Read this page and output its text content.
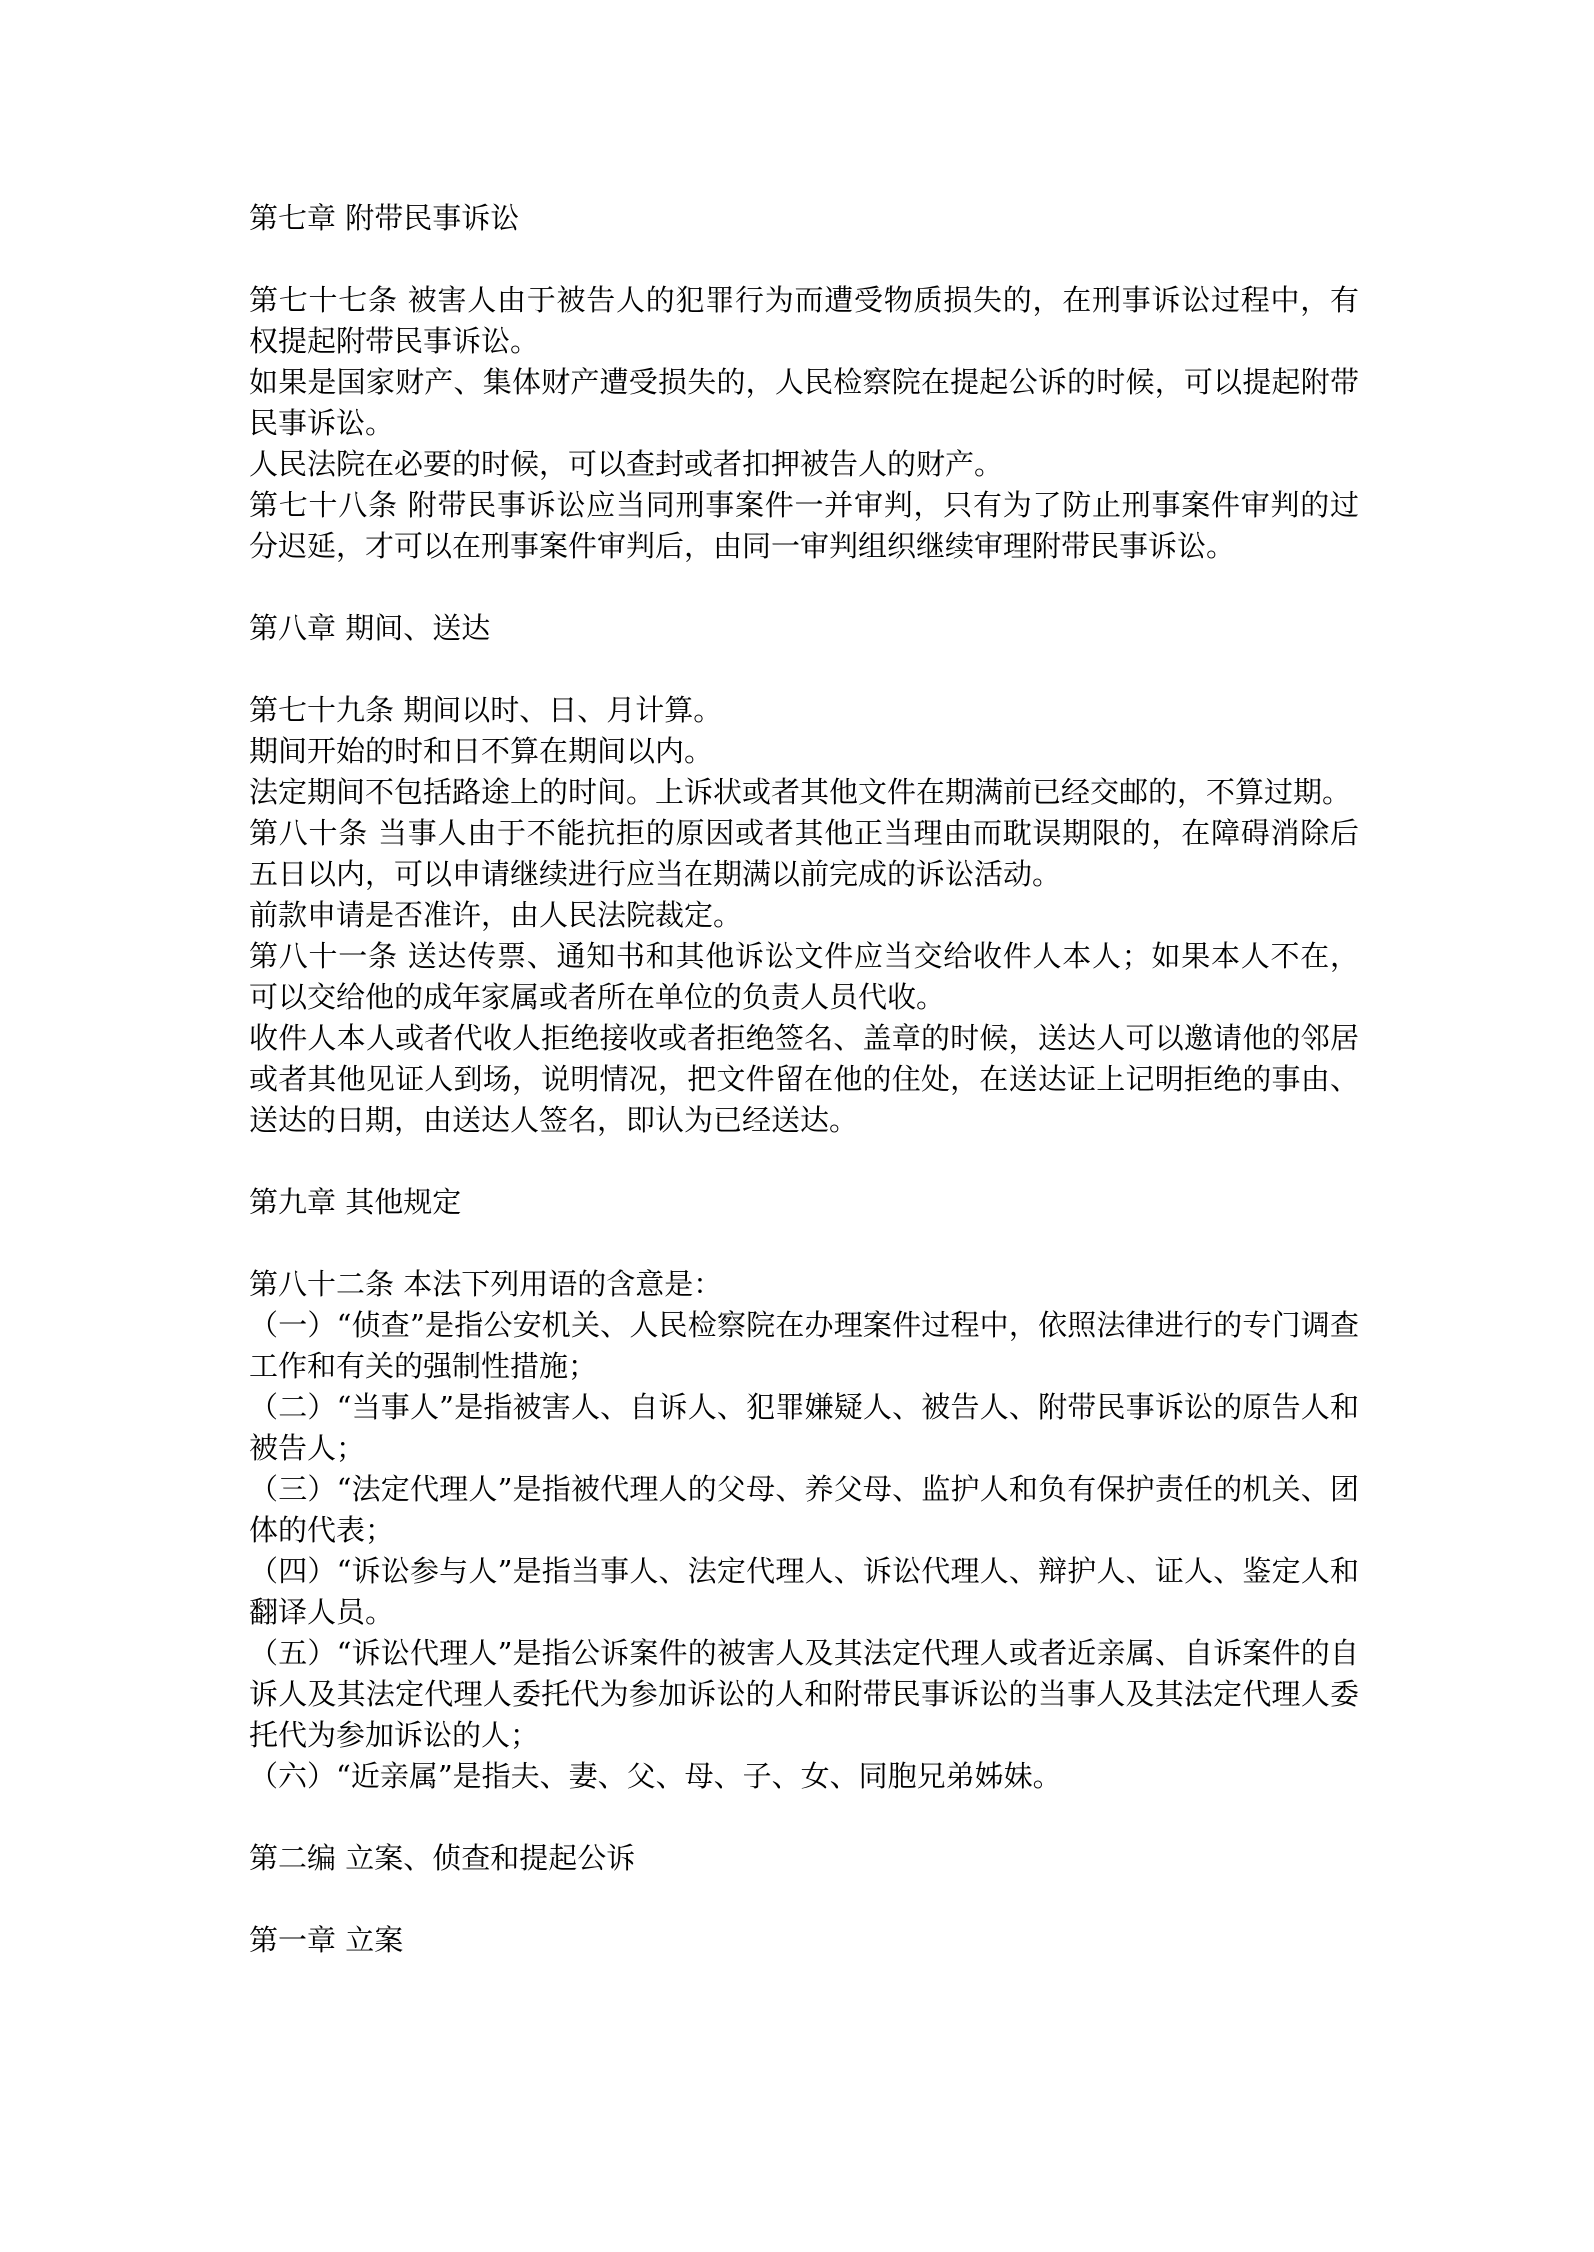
第七章 附带民事诉讼
第七十七条 被害人由于被告人的犯罪行为而遭受物质损失的，在刑事诉讼过程中，有权提起附带民事诉讼。
如果是国家财产、集体财产遭受损失的，人民检察院在提起公诉的时候，可以提起附带民事诉讼。
人民法院在必要的时候，可以查封或者扣押被告人的财产。
第七十八条 附带民事诉讼应当同刑事案件一并审判，只有为了防止刑事案件审判的过分迟延，才可以在刑事案件审判后，由同一审判组织继续审理附带民事诉讼。
第八章 期间、送达
第七十九条 期间以时、日、月计算。
期间开始的时和日不算在期间以内。
法定期间不包括路途上的时间。上诉状或者其他文件在期满前已经交邮的，不算过期。
第八十条 当事人由于不能抗拒的原因或者其他正当理由而耽误期限的，在障碍消除后五日以内，可以申请继续进行应当在期满以前完成的诉讼活动。
前款申请是否准许，由人民法院裁定。
第八十一条 送达传票、通知书和其他诉讼文件应当交给收件人本人；如果本人不在，可以交给他的成年家属或者所在单位的负责人员代收。
收件人本人或者代收人拒绝接收或者拒绝签名、盖章的时候，送达人可以邀请他的邻居或者其他见证人到场，说明情况，把文件留在他的住处，在送达证上记明拒绝的事由、送达的日期，由送达人签名，即认为已经送达。
第九章 其他规定
第八十二条 本法下列用语的含意是：
（一）“侦查”是指公安机关、人民检察院在办理案件过程中，依照法律进行的专门调查工作和有关的强制性措施；
（二）“当事人”是指被害人、自诉人、犯罪嫌疑人、被告人、附带民事诉讼的原告人和被告人；
（三）“法定代理人”是指被代理人的父母、养父母、监护人和负有保护责任的机关、团体的代表；
（四）“诉讼参与人”是指当事人、法定代理人、诉讼代理人、辩护人、证人、鉴定人和翻译人员。
（五）“诉讼代理人”是指公诉案件的被害人及其法定代理人或者近亲属、自诉案件的自诉人及其法定代理人委托代为参加诉讼的人和附带民事诉讼的当事人及其法定代理人委托代为参加诉讼的人；
（六）“近亲属”是指夫、妻、父、母、子、女、同胞兄弟姊妹。
第二编 立案、侦查和提起公诉
第一章 立案
